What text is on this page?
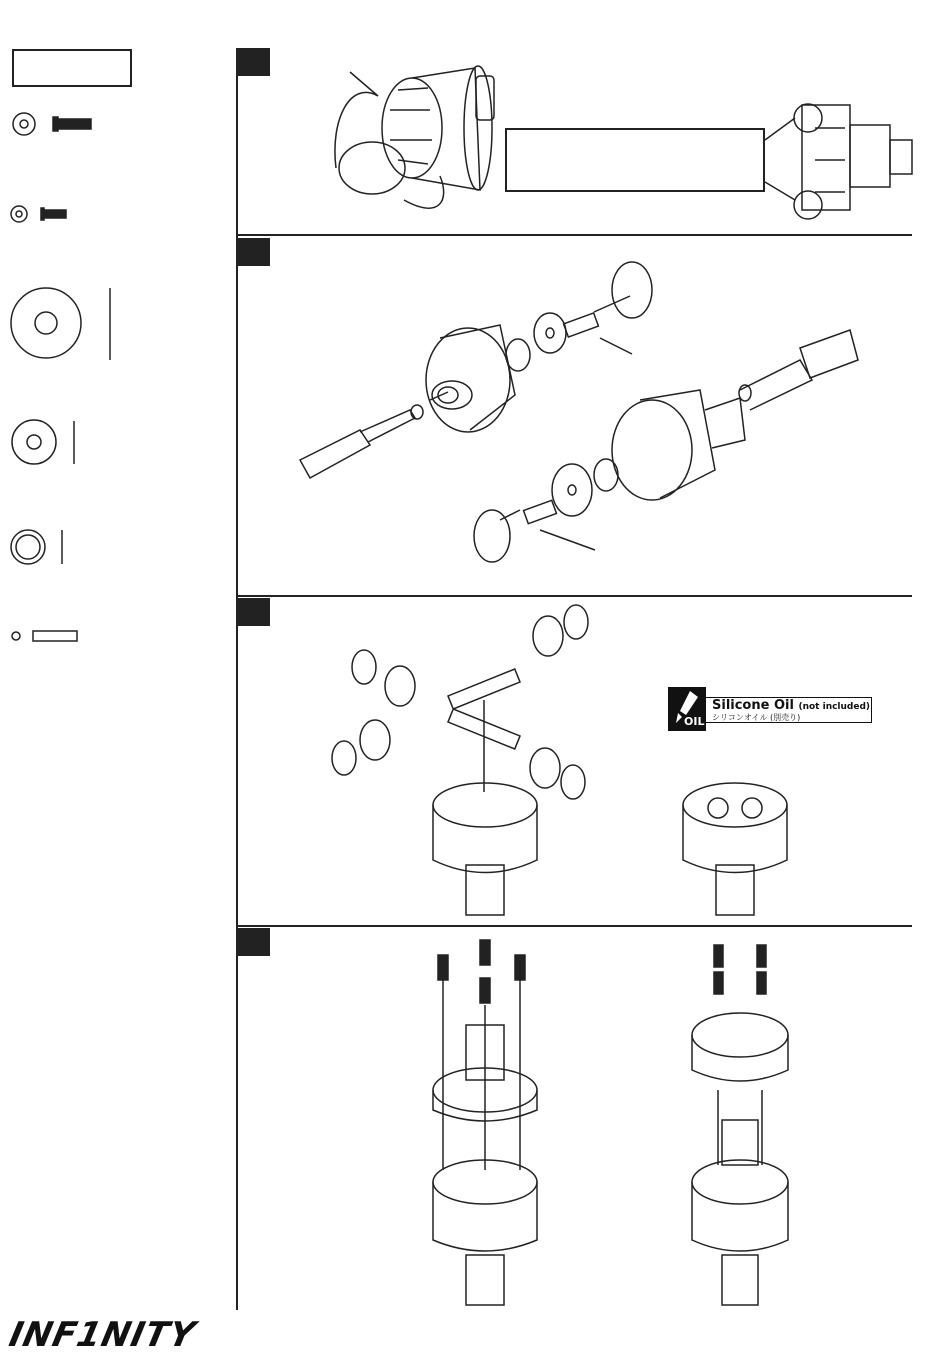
OIL
Silicone Oil (not included)
シリコンオイル (別売り)
INF1NITY
